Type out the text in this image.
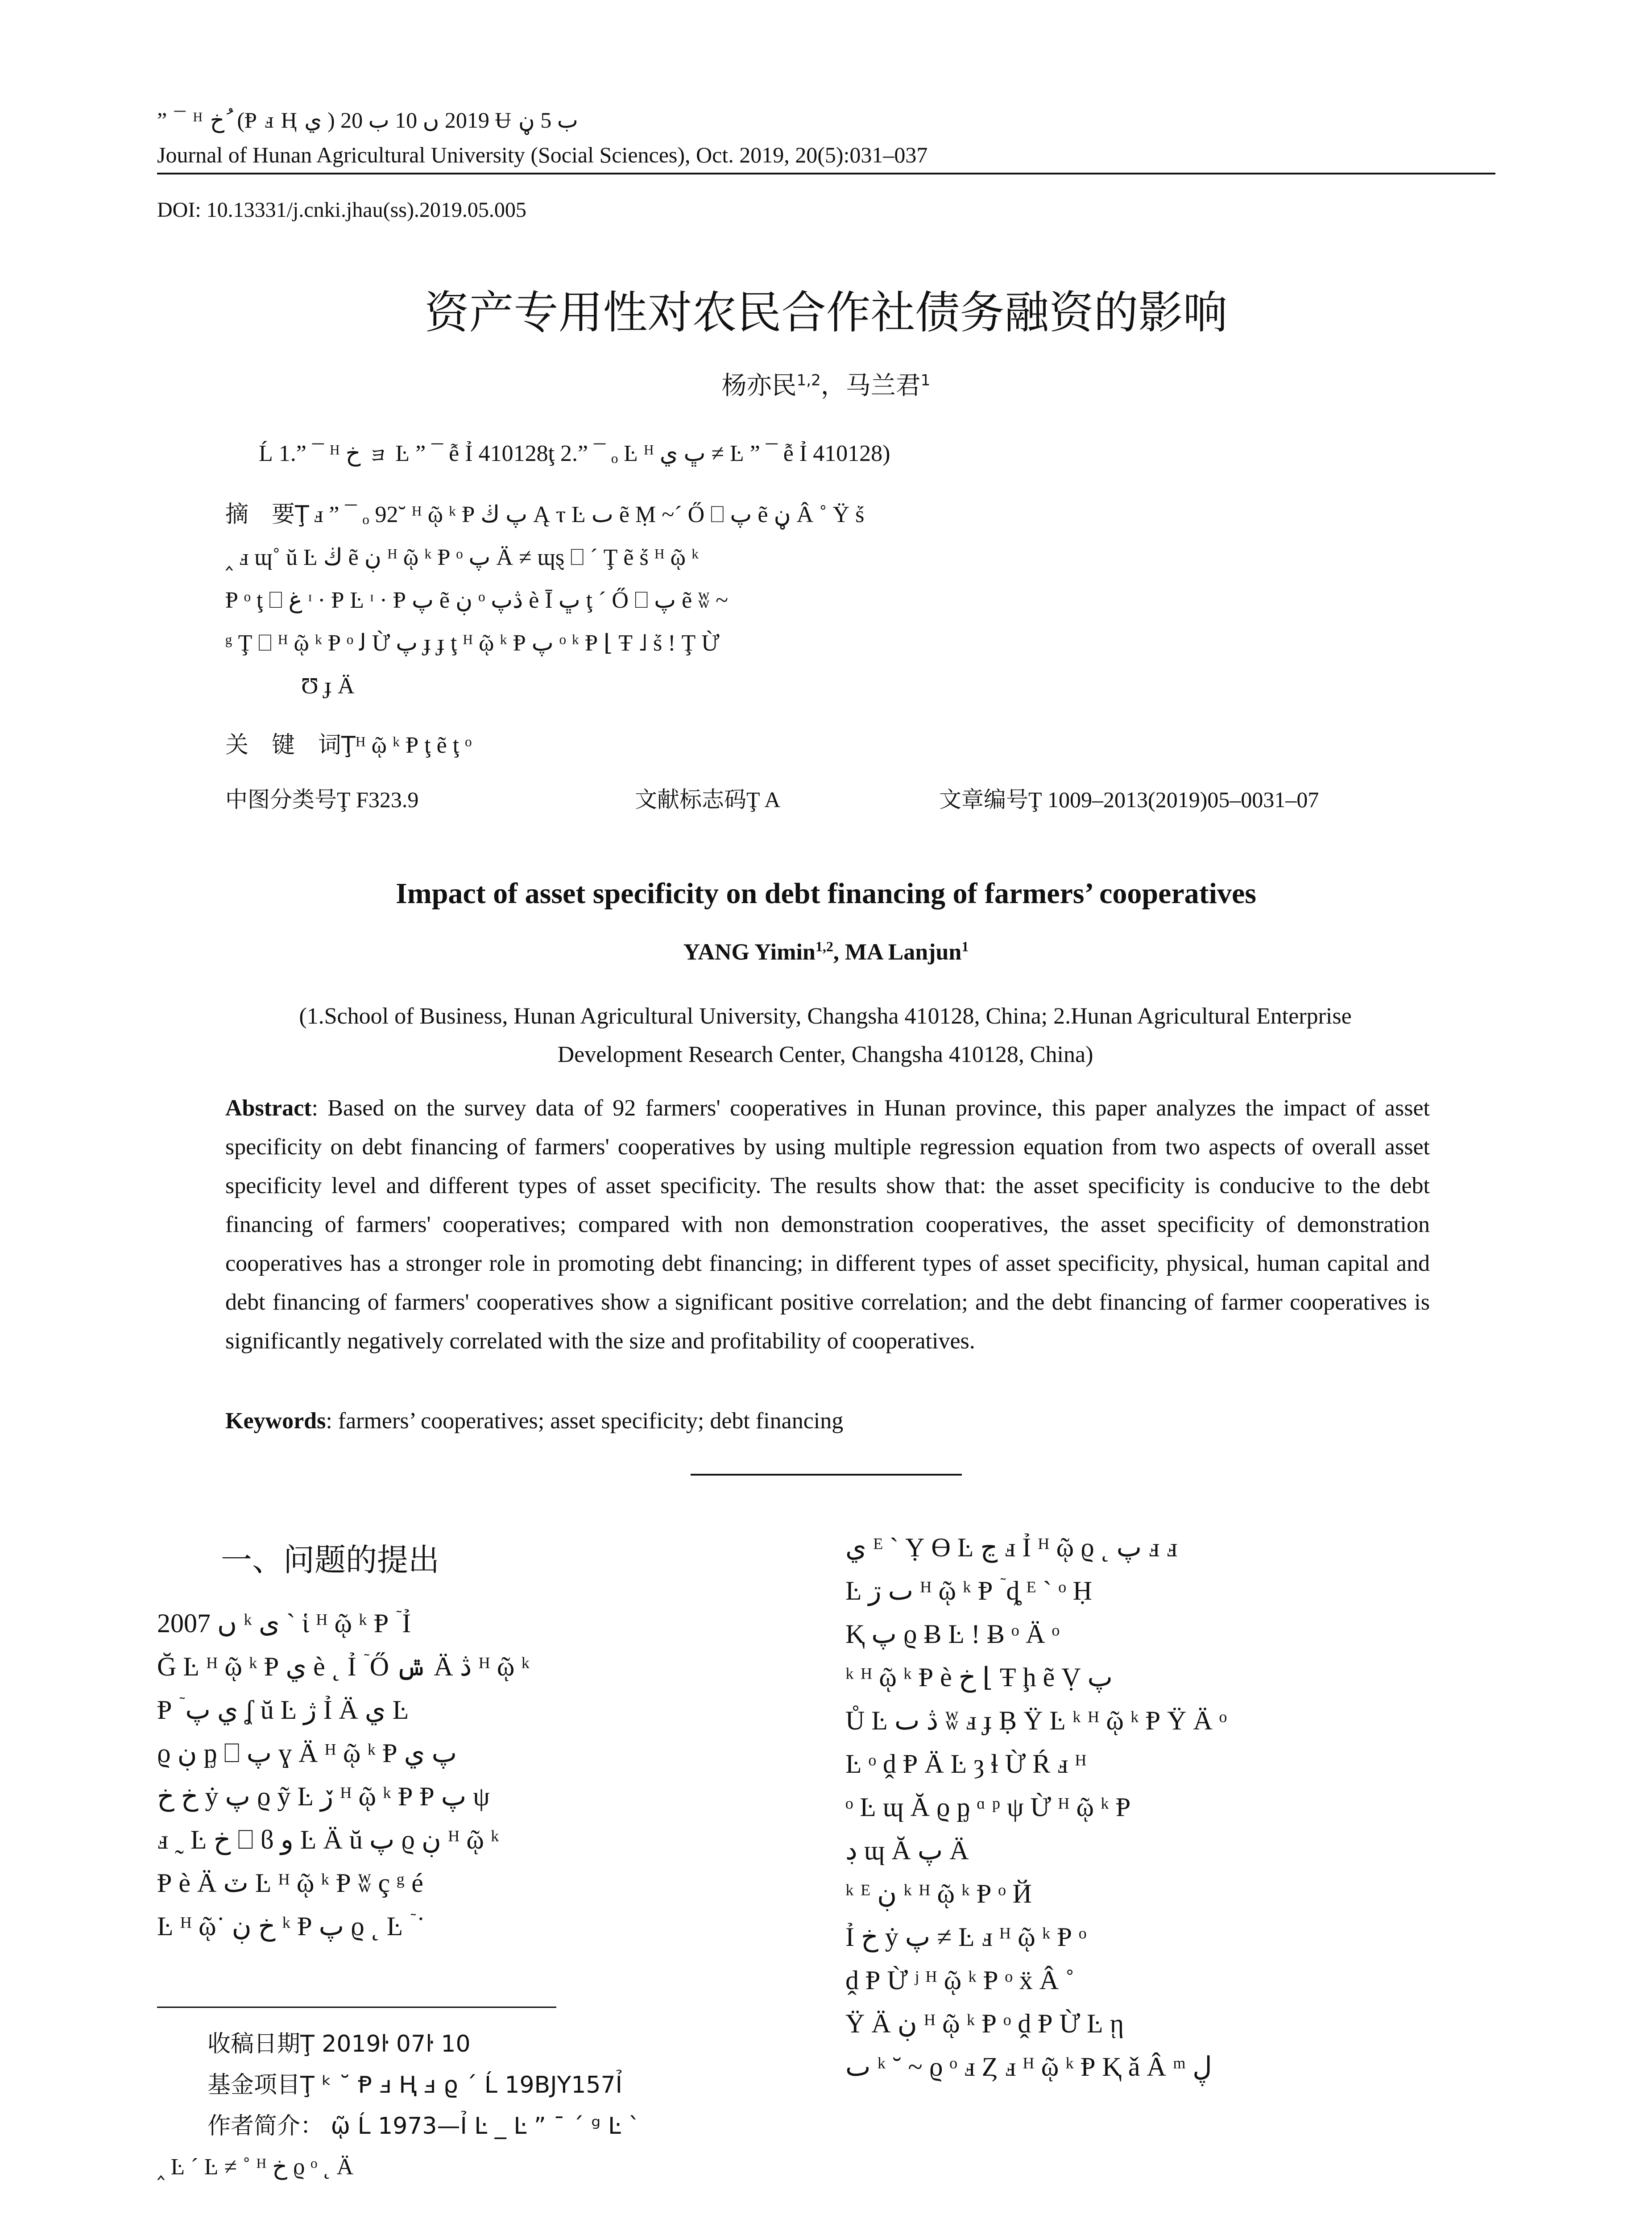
” ¯ ᴴ خ ُ (Ᵽ ⅎ Ⱨ ي ) 2019 ں 10 ب 20 Ʉ ب 5 ڼ
Journal of Hunan Agricultural University (Social Sciences), Oct. 2019, 20(5):031–037
DOI: 10.13331/j.cnki.jhau(ss).2019.05.005
资产专用性对农民合作社债务融资的影响
杨亦民$^{1,2}$，马兰君$^1$
Ĺ 1.” ¯ ᴴ خ ョ Ŀ ” ¯ ễ Ỉ 410128ţ 2.” ¯ ₒ Ŀ ᴴ ڀ ي ≠ Ŀ ” ¯ ễ Ỉ 410128)
摘　要Ţ ⅎ ” ¯ ₒ 92˘ ᴴ ῷ ᵏ Ᵽ پ ڬ Ą ⲧ Ŀ ٮ ẽ Ṃ ~ˊ Ő ⎕ پ ẽ ڼ Â ˚ Ÿ ṥ
‸ ⅎ ɰ˚ ŭ Ŀ ڬ ẽ ڹ ᴴ ῷ ᵏ Ᵽ ᵒ پ Ä ≠ ɰȿ ⎕ ˊ Ţ ẽ ṥ ᴴ ῷ ᵏ
Ᵽ ᵒ ţ ⎕ غ ᶦ · Ᵽ Ŀ ᶦ · Ᵽ پ ẽ ڹ ᵒ ڎپ è Ῑ ڀ ţ ˊ Ő ⎕ پ ẽ ʬ ~
ᵍ Ţ ⎕ ᴴ ῷ ᵏ Ᵽ ᵒ ﻟ Ừ پ ɟ ɟ ţ ᴴ ῷ ᵏ Ᵽ پ ᵒ ᵏ Ᵽ ⌊ Ŧ ˩ ṥ ǃ Ţ Ừ
Ʊ ɟ Ä
关　键　词Ţᴴ ῷ ᵏ Ᵽ ţ ẽ ţ ᵒ
中图分类号Ţ F323.9	文献标志码Ţ A	文章编号Ţ 1009–2013(2019)05–0031–07
Impact of asset specificity on debt financing of farmers’ cooperatives
YANG Yimin$^{1,2}$, MA Lanjun$^1$
(1.School of Business, Hunan Agricultural University, Changsha 410128, China; 2.Hunan Agricultural Enterprise
Development Research Center, Changsha 410128, China)
Abstract: Based on the survey data of 92 farmers' cooperatives in Hunan province, this paper analyzes the impact of asset specificity on debt financing of farmers' cooperatives by using multiple regression equation from two aspects of overall asset specificity level and different types of asset specificity. The results show that: the asset specificity is conducive to the debt financing of farmers' cooperatives; compared with non demonstration cooperatives, the asset specificity of demonstration cooperatives has a stronger role in promoting debt financing; in different types of asset specificity, physical, human capital and debt financing of farmers' cooperatives show a significant positive correlation; and the debt financing of farmer cooperatives is significantly negatively correlated with the size and profitability of cooperatives.
Keywords: farmers’ cooperatives; asset specificity; debt financing
一、问题的提出
2007 ں ᵏ ی ` ἱ ᴴ ῷ ᵏ Ᵽ ٙ Ỉ
Ğ Ŀ ᴴ ῷ ᵏ Ᵽ ي è ˛ Ỉ ٙ Ő ݜ Ä ڎ ᴴ ῷ ᵏ
Ᵽ ٙ ي پ ʆ ŭ Ŀ ژ Ỉ Ä ي Ŀ
ϱ ڹ ᶈ ⎕ پ ɣ Ä ᴴ ῷ ᵏ Ᵽ پ ي
خ خ ẏ پ ϱ ỹ Ŀ ڒ ᴴ ῷ ᵏ Ᵽ Ᵽ پ ψ
ⅎ ˷ Ŀ خ ⎕ ϐ و Ŀ Ä ŭ پ ϱ ڹ ᴴ ῷ ᵏ
Ᵽ è Ä ٽ Ŀ ᴴ ῷ ᵏ Ᵽ ʬ ç ᵍ é
Ŀ ᴴ ῷ˙ خ ڹ ᵏ Ᵽ پ ϱ ˛ Ŀ ٙ ˙
ي ᴱ ˋ Ỵ Ɵ Ŀ ڃ ⅎ Ỉ ᴴ ῷ ϱ ˛ پ ⅎ ⅎ
Ŀ ٮ ڗ ᴴ ῷ ᵏ Ᵽ ٙ ȡ ᴱ ˋ ᵒ Ḥ
Ⱪ پ ϱ Ƀ Ŀ ǃ Ƀ ᵒ Ä ᵒ
ᵏ ᴴ ῷ ᵏ Ᵽ è خ ⌊ Ŧ ḩ ẽ Ṿ پ
Ů Ŀ ڎ ٮ ʬ ⅎ ɟ Ḅ Ÿ Ŀ ᵏ ᴴ ῷ ᵏ Ᵽ Ÿ Ä ᵒ
Ŀ ᵒ ḓ Ᵽ Ä Ŀ ȝ ɬ Ừ Ŕ ⅎ ᴴ
ᵒ Ŀ ɰ Ă ϱ ᶈ ᵅ ᵖ ψ Ừ ᴴ ῷ ᵏ Ᵽ
ڊ ɰ Ă پ Ä
ᵏ ᴱ ڹ ᵏ ᴴ ῷ ᵏ Ᵽ ᵒ Й
Ỉ خ ẏ پ ≠ Ŀ ⅎ ᴴ ῷ ᵏ Ᵽ ᵒ
ḓ Ᵽ Ừ ʲ ᴴ ῷ ᵏ Ᵽ ᵒ ẍ Â ˚
Ÿ Ä ڹ ᴴ ῷ ᵏ Ᵽ ᵒ ḓ Ᵽ Ừ Ŀ ῃ
ٮ ᵏ ˘ ~ ϱ ᵒ ⅎ Ȥ ⅎ ᴴ ῷ ᵏ Ᵽ Ⱪ ǎ Â ᵐ ڸ
收稿日期Ţ 2019ŀ 07ŀ 10
基金项目Ţ ᵏ ˘ Ᵽ ⅎ Ⱨ ⅎ ϱ ˊ Ĺ 19BJY157Ỉ
作者简介： ῷ Ĺ 1973—Ỉ Ŀ _ Ŀ ” ¯ ˊ ᵍ Ŀ ˋ
‸ Ŀ ˊ Ŀ ≠ ˚ ᴴ خ ϱ ᵒ ˛ Ä
